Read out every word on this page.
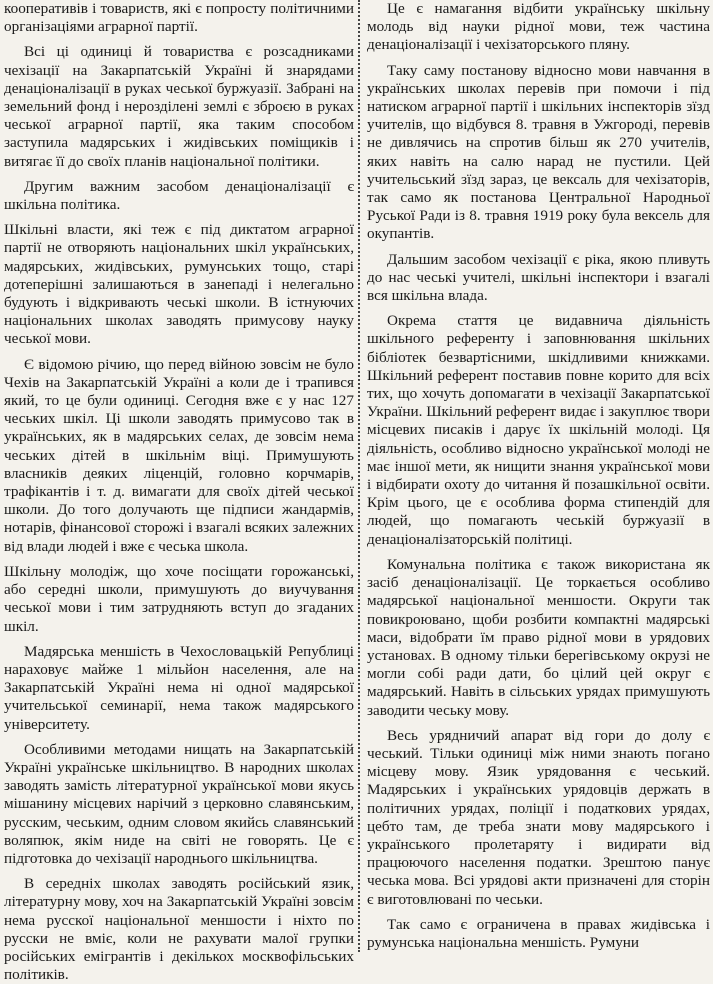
кооперативів і товариств, які є попросту політичними організаціями аграрної партії.

Всі ці одиниці й товариства є розсадниками чехізації на Закарпатській Україні й знарядами денаціоналізації в руках чеської буржуазії. Забрані на земельний фонд і нерозділені землі є зброєю в руках чеської аграрної партії, яка таким способом заступила мадярських і жидівських поміщиків і витягає її до своїх планів національної політики.

Другим важним засобом денаціоналізації є шкільна політика.

Шкільні власти, які теж є під диктатом аграрної партії не отворяють національних шкіл українських, мадярських, жидівських, румунських тощо, старі дотеперішні залишаються в занепаді і нелегально будують і відкривають чеські школи. В істнуючих національних школах заводять примусову науку чеської мови.

Є відомою річию, що перед війною зовсім не було Чехів на Закарпатській Україні а коли де і трапився який, то це були одиниці. Сегодня вже є у нас 127 чеських шкіл. Ці школи заводять примусово так в українських, як в мадярських селах, де зовсім нема чеських дітей в шкільнім віці. Примушують власників деяких ліценцій, головно корчмарів, трафікантів і т. д. вимагати для своїх дітей чеської школи. До того долучають ще підписи жандармів, нотарів, фінансової сторожі і взагалі всяких залежних від влади людей і вже є чеська школа.

Шкільну молодіж, що хоче посіщати горожанські, або середні школи, примушують до виучування чеської мови і тим затрудняють вступ до згаданих шкіл.

Мадярська меншість в Чехословацькій Републиці нараховує майже 1 мільйон населення, але на Закарпатській Україні нема ні одної мадярської учительської семинарії, нема також мадярського університету.

Особливими методами нищать на Закарпатській Україні українське шкільництво. В народних школах заводять замість літературної української мови якусь мішанину місцевих нарічий з церковно славянським, русским, чеським, одним словом якийсь славянський воляпюк, якім ниде на світі не говорять. Це є підготовка до чехізації народнього шкільництва.

В середніх школах заводять російський язик, літературну мову, хоч на Закарпатській Україні зовсім нема русскої національної меншости і ніхто по русски не вміє, коли не рахувати малої групки російських емігрантів і декількох москвофільських політиків.

Це є намагання відбити українську шкільну молодь від науки рідної мови, теж частина денаціоналізації і чехізаторського пляну.

Таку саму постанову відносно мови навчання в українських школах перевів при помочи і під натиском аграрної партії і шкільних інспекторів зїзд учителів, що відбувся 8. травня в Ужгороді, перевів не дивлячись на спротив більш як 270 учителів, яких навіть на салю нарад не пустили. Цей учительський зїзд зараз, це вексаль для чехізаторів, так само як постанова Центральної Народньої Руської Ради із 8. травня 1919 року була вексель для окупантів.

Дальшим засобом чехізації є ріка, якою пливуть до нас чеські учителі, шкільні інспектори і взагалі вся шкільна влада.

Окрема стаття це видавнича діяльність шкільного референту і заповнювання шкільних бібліотек безвартісними, шкідливими книжками. Шкільний референт поставив повне корито для всіх тих, що хочуть допомагати в чехізації Закарпатської України. Шкільний референт видає і закуплює твори місцевих писаків і дарує їх шкільній молоді. Ця діяльність, особливо відносно української молоді не має іншої мети, як нищити знання української мови і відбирати охоту до читання й позашкільної освіти. Крім цього, це є особлива форма стипендій для людей, що помагають чеській буржуазії в денаціоналізаторській політиці.

Комунальна політика є також використана як засіб денаціоналізації. Це торкається особливо мадярської національної меншости. Округи так повикроювано, щоби розбити компактні мадярські маси, відобрати їм право рідної мови в урядових установах. В одному тільки берегівському окрузі не могли собі ради дати, бо цілий цей округ є мадярський. Навіть в сільських урядах примушують заводити чеську мову.

Весь урядничий апарат від гори до долу є чеський. Тільки одиниці між ними знають погано місцеву мову. Язик урядовання є чеський. Мадярських і українських урядовців держать в політичних урядах, поліції і податкових урядах, цебто там, де треба знати мову мадярського і українського пролетаряту і видирати від працюючого населення податки. Зрештою панує чеська мова. Всі урядові акти призначені для сторін є виготовлювані по чеськи.

Так само є ограничена в правах жидівська і румунська національна меншість. Румуни
